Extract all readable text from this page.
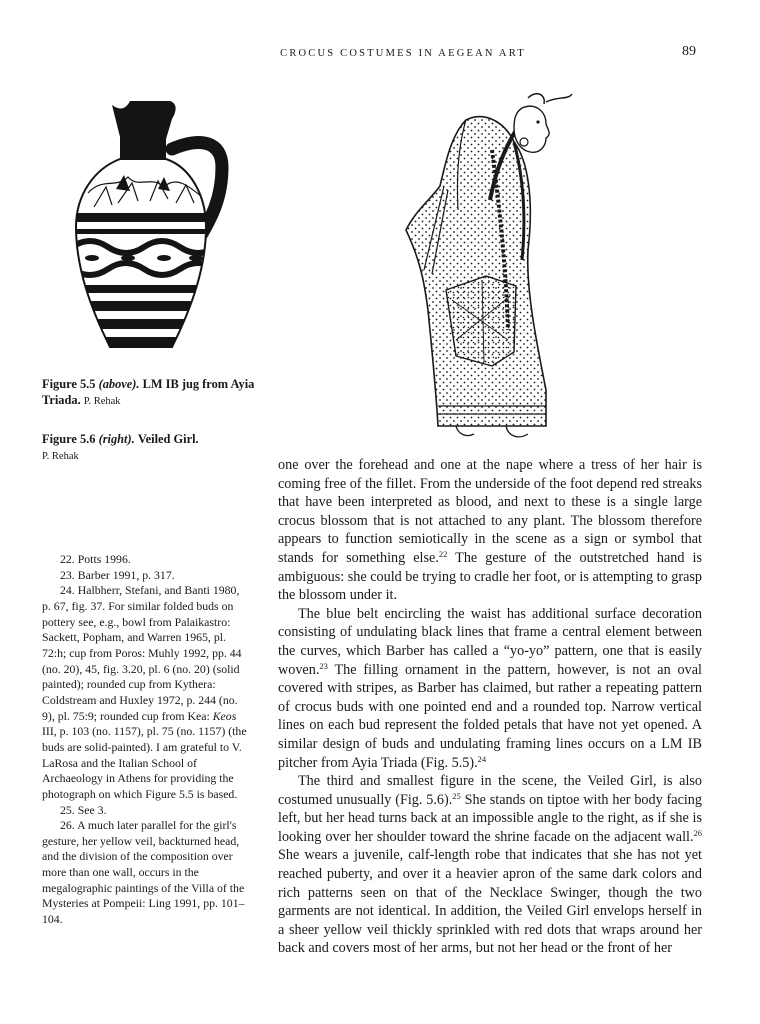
CROCUS COSTUMES IN AEGEAN ART	89
Figure 5.5 (above). LM IB jug from Ayia Triada. P. Rehak
Figure 5.6 (right). Veiled Girl.
P. Rehak

22. Potts 1996.

23. Barber 1991, p. 317.

24. Halbherr, Stefani, and Banti 1980, p. 67, fig. 37. For similar folded buds on pottery see, e.g., bowl from Palaikastro: Sackett, Popham, and Warren 1965, pl. 72:h; cup from Poros: Muhly 1992, pp. 44 (no. 20), 45, fig. 3.20, pl. 6 (no. 20) (solid painted); rounded cup from Kythera: Coldstream and Huxley 1972, p. 244 (no. 9), pl. 75:9; rounded cup from Kea: Keos III, p. 103 (no. 1157), pl. 75 (no. 1157) (the buds are solid-painted). I am grateful to V. LaRosa and the Italian School of Archaeology in Athens for providing the photograph on which Figure 5.5 is based.

25. See 3.

26. A much later parallel for the girl's gesture, her yellow veil, backturned head, and the division of the composition over more than one wall, occurs in the megalographic paintings of the Villa of the Mysteries at Pompeii: Ling 1991, pp. 101–104.

one over the forehead and one at the nape where a tress of her hair is coming free of the fillet. From the underside of the foot depend red streaks that have been interpreted as blood, and next to these is a single large crocus blossom that is not attached to any plant. The blossom therefore appears to function semiotically in the scene as a sign or symbol that stands for something else.$^{22}$ The gesture of the outstretched hand is ambiguous: she could be trying to cradle her foot, or is attempting to grasp the blossom under it.

The blue belt encircling the waist has additional surface decoration consisting of undulating black lines that frame a central element between the curves, which Barber has called a “yo-yo” pattern, one that is easily woven.$^{23}$ The filling ornament in the pattern, however, is not an oval covered with stripes, as Barber has claimed, but rather a repeating pattern of crocus buds with one pointed end and a rounded top. Narrow vertical lines on each bud represent the folded petals that have not yet opened. A similar design of buds and undulating framing lines occurs on a LM IB pitcher from Ayia Triada (Fig. 5.5).$^{24}$

The third and smallest figure in the scene, the Veiled Girl, is also costumed unusually (Fig. 5.6).$^{25}$ She stands on tiptoe with her body facing left, but her head turns back at an impossible angle to the right, as if she is looking over her shoulder toward the shrine facade on the adjacent wall.$^{26}$ She wears a juvenile, calf-length robe that indicates that she has not yet reached puberty, and over it a heavier apron of the same dark colors and rich patterns seen on that of the Necklace Swinger, though the two garments are not identical. In addition, the Veiled Girl envelops herself in a sheer yellow veil thickly sprinkled with red dots that wraps around her back and covers most of her arms, but not her head or the front of her
